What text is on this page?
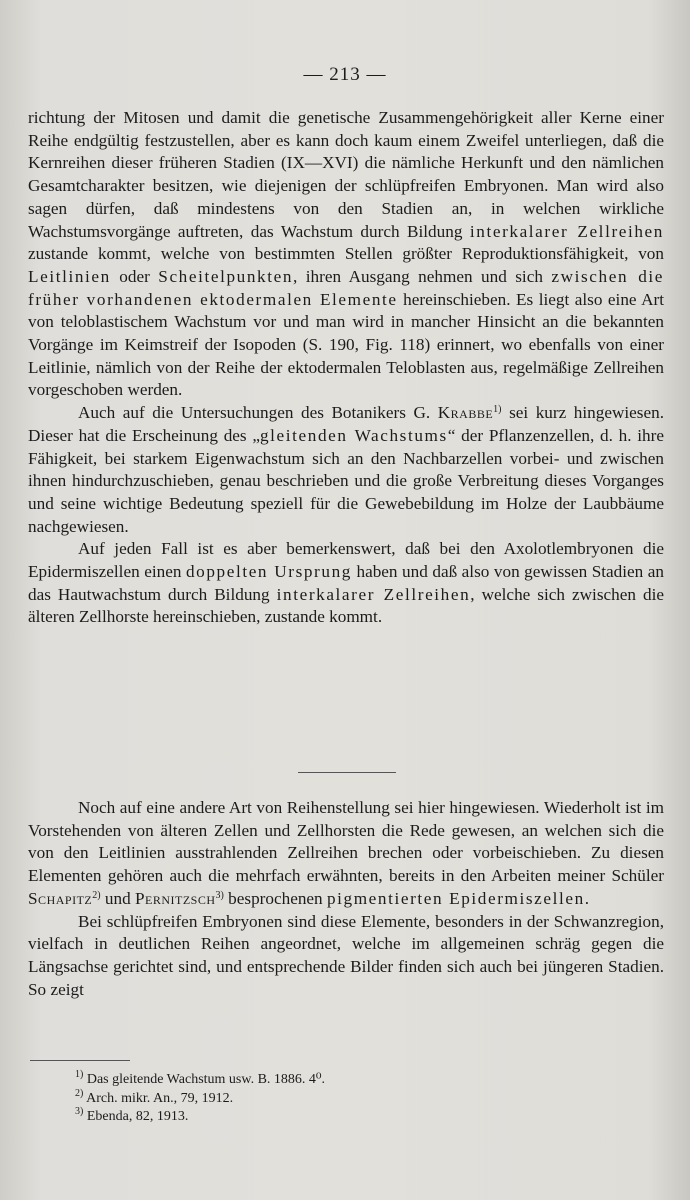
— 213 —

richtung der Mitosen und damit die genetische Zusammengehörigkeit aller Kerne einer Reihe endgültig festzustellen, aber es kann doch kaum einem Zweifel unterliegen, daß die Kernreihen dieser früheren Stadien (IX—XVI) die nämliche Herkunft und den nämlichen Gesamtcharakter besitzen, wie diejenigen der schlüpfreifen Embryonen. Man wird also sagen dürfen, daß mindestens von den Stadien an, in welchen wirkliche Wachstumsvorgänge auftreten, das Wachstum durch Bildung interkalarer Zellreihen zustande kommt, welche von bestimmten Stellen größter Reproduktionsfähigkeit, von Leitlinien oder Scheitelpunkten, ihren Ausgang nehmen und sich zwischen die früher vorhandenen ektodermalen Elemente hereinschieben. Es liegt also eine Art von teloblastischem Wachstum vor und man wird in mancher Hinsicht an die bekannten Vorgänge im Keimstreif der Isopoden (S. 190, Fig. 118) erinnert, wo ebenfalls von einer Leitlinie, nämlich von der Reihe der ektodermalen Teloblasten aus, regelmäßige Zellreihen vorgeschoben werden.

Auch auf die Untersuchungen des Botanikers G. Krabbe$^{1)}$ sei kurz hingewiesen. Dieser hat die Erscheinung des „gleitenden Wachstums“ der Pflanzenzellen, d. h. ihre Fähigkeit, bei starkem Eigenwachstum sich an den Nachbarzellen vorbei- und zwischen ihnen hindurchzuschieben, genau beschrieben und die große Verbreitung dieses Vorganges und seine wichtige Bedeutung speziell für die Gewebebildung im Holze der Laubbäume nachgewiesen.

Auf jeden Fall ist es aber bemerkenswert, daß bei den Axolotlembryonen die Epidermiszellen einen doppelten Ursprung haben und daß also von gewissen Stadien an das Hautwachstum durch Bildung interkalarer Zellreihen, welche sich zwischen die älteren Zellhorste hereinschieben, zustande kommt.

Noch auf eine andere Art von Reihenstellung sei hier hingewiesen. Wiederholt ist im Vorstehenden von älteren Zellen und Zellhorsten die Rede gewesen, an welchen sich die von den Leitlinien ausstrahlenden Zellreihen brechen oder vorbeischieben. Zu diesen Elementen gehören auch die mehrfach erwähnten, bereits in den Arbeiten meiner Schüler Schapitz$^{2)}$ und Pernitzsch$^{3)}$ besprochenen pigmentierten Epidermiszellen.

Bei schlüpfreifen Embryonen sind diese Elemente, besonders in der Schwanzregion, vielfach in deutlichen Reihen angeordnet, welche im allgemeinen schräg gegen die Längsachse gerichtet sind, und entsprechende Bilder finden sich auch bei jüngeren Stadien. So zeigt

$^{1)}$ Das gleitende Wachstum usw. B. 1886. 4⁰.
$^{2)}$ Arch. mikr. An., 79, 1912.
$^{3)}$ Ebenda, 82, 1913.
